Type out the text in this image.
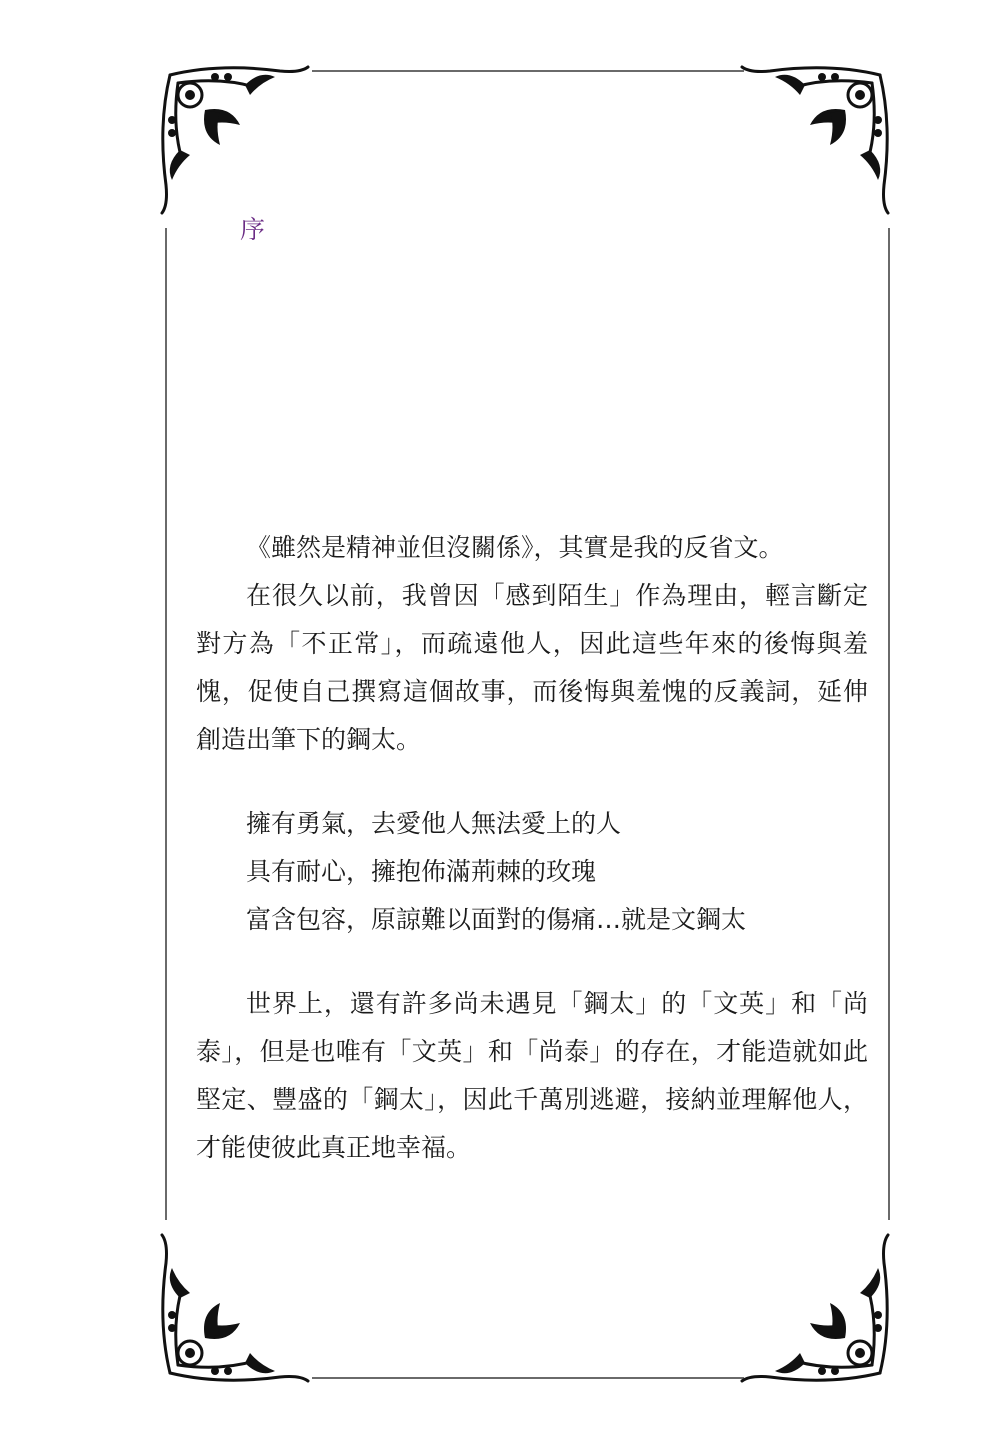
序

《雖然是精神並但沒關係》，其實是我的反省文。

在很久以前，我曾因「感到陌生」作為理由，輕言斷定對方為「不正常」，而疏遠他人，因此這些年來的後悔與羞愧，促使自己撰寫這個故事，而後悔與羞愧的反義詞，延伸創造出筆下的鋼太。

擁有勇氣，去愛他人無法愛上的人

具有耐心，擁抱佈滿荊棘的玫瑰

富含包容，原諒難以面對的傷痛…就是文鋼太

世界上，還有許多尚未遇見「鋼太」的「文英」和「尚泰」，但是也唯有「文英」和「尚泰」的存在，才能造就如此堅定、豐盛的「鋼太」，因此千萬別逃避，接納並理解他人，才能使彼此真正地幸福。
